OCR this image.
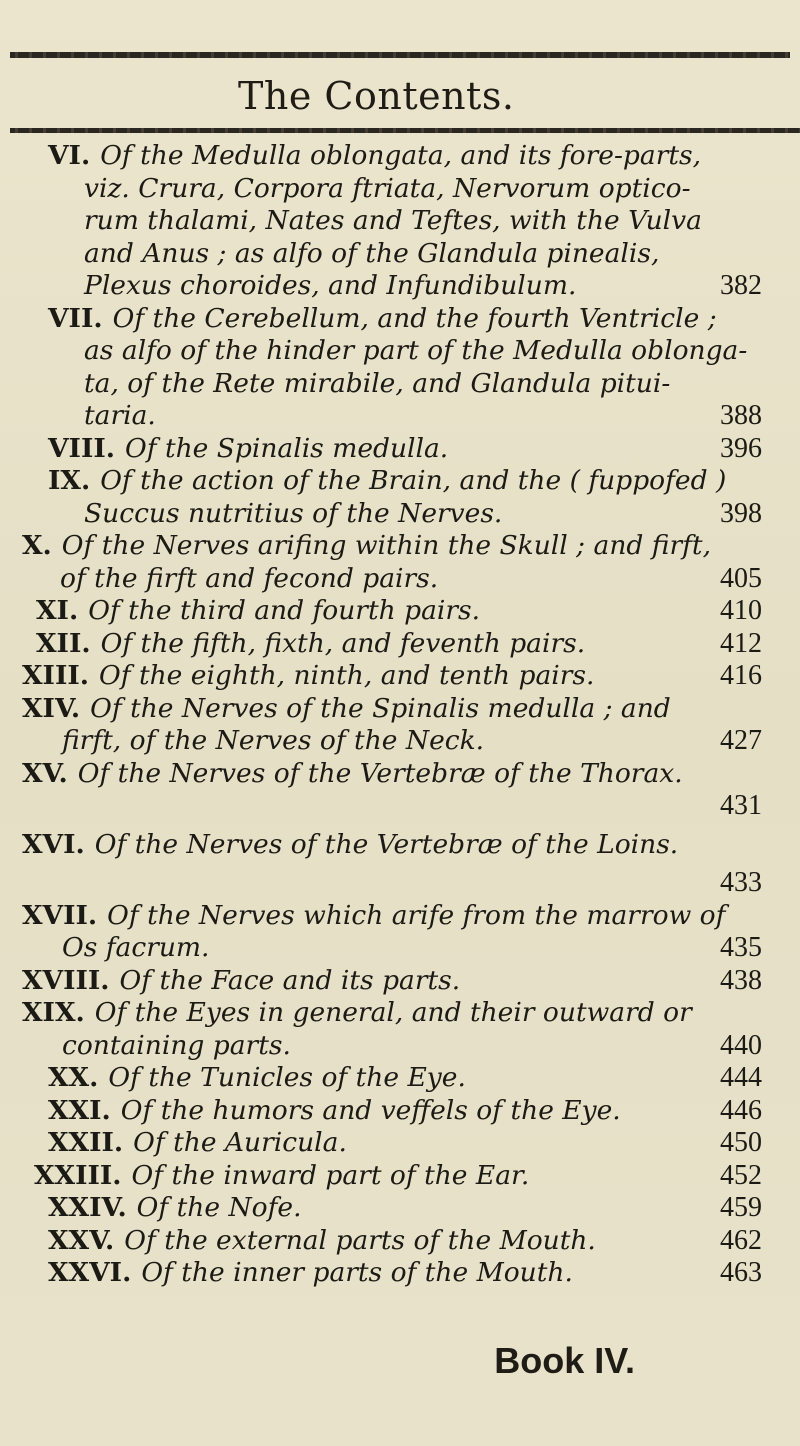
The Contents.
VI. Of the Medulla oblongata, and its fore-parts,
viz. Crura, Corpora ftriata, Nervorum optico-
rum thalami, Nates and Teftes, with the Vulva
and Anus ; as alfo of the Glandula pinealis,
Plexus choroides, and Infundibulum.	382
VII. Of the Cerebellum, and the fourth Ventricle ;
as alfo of the hinder part of the Medulla oblonga-
ta, of the Rete mirabile, and Glandula pitui-
taria.	388
VIII. Of the Spinalis medulla.	396
IX. Of the action of the Brain, and the ( fuppofed )
Succus nutritius of the Nerves.	398
X. Of the Nerves arifing within the Skull ; and firft,
of the firft and fecond pairs.	405
XI. Of the third and fourth pairs.	410
XII. Of the fifth, fixth, and feventh pairs.	412
XIII. Of the eighth, ninth, and tenth pairs.	416
XIV. Of the Nerves of the Spinalis medulla ; and
firft, of the Nerves of the Neck.	427
XV. Of the Nerves of the Vertebræ of the Thorax.
431
XVI. Of the Nerves of the Vertebræ of the Loins.
433
XVII. Of the Nerves which arife from the marrow of
Os facrum.	435
XVIII. Of the Face and its parts.	438
XIX. Of the Eyes in general, and their outward or
containing parts.	440
XX. Of the Tunicles of the Eye.	444
XXI. Of the humors and veffels of the Eye.	446
XXII. Of the Auricula.	450
XXIII. Of the inward part of the Ear.	452
XXIV. Of the Nofe.	459
XXV. Of the external parts of the Mouth.	462
XXVI. Of the inner parts of the Mouth.	463
Book IV.
